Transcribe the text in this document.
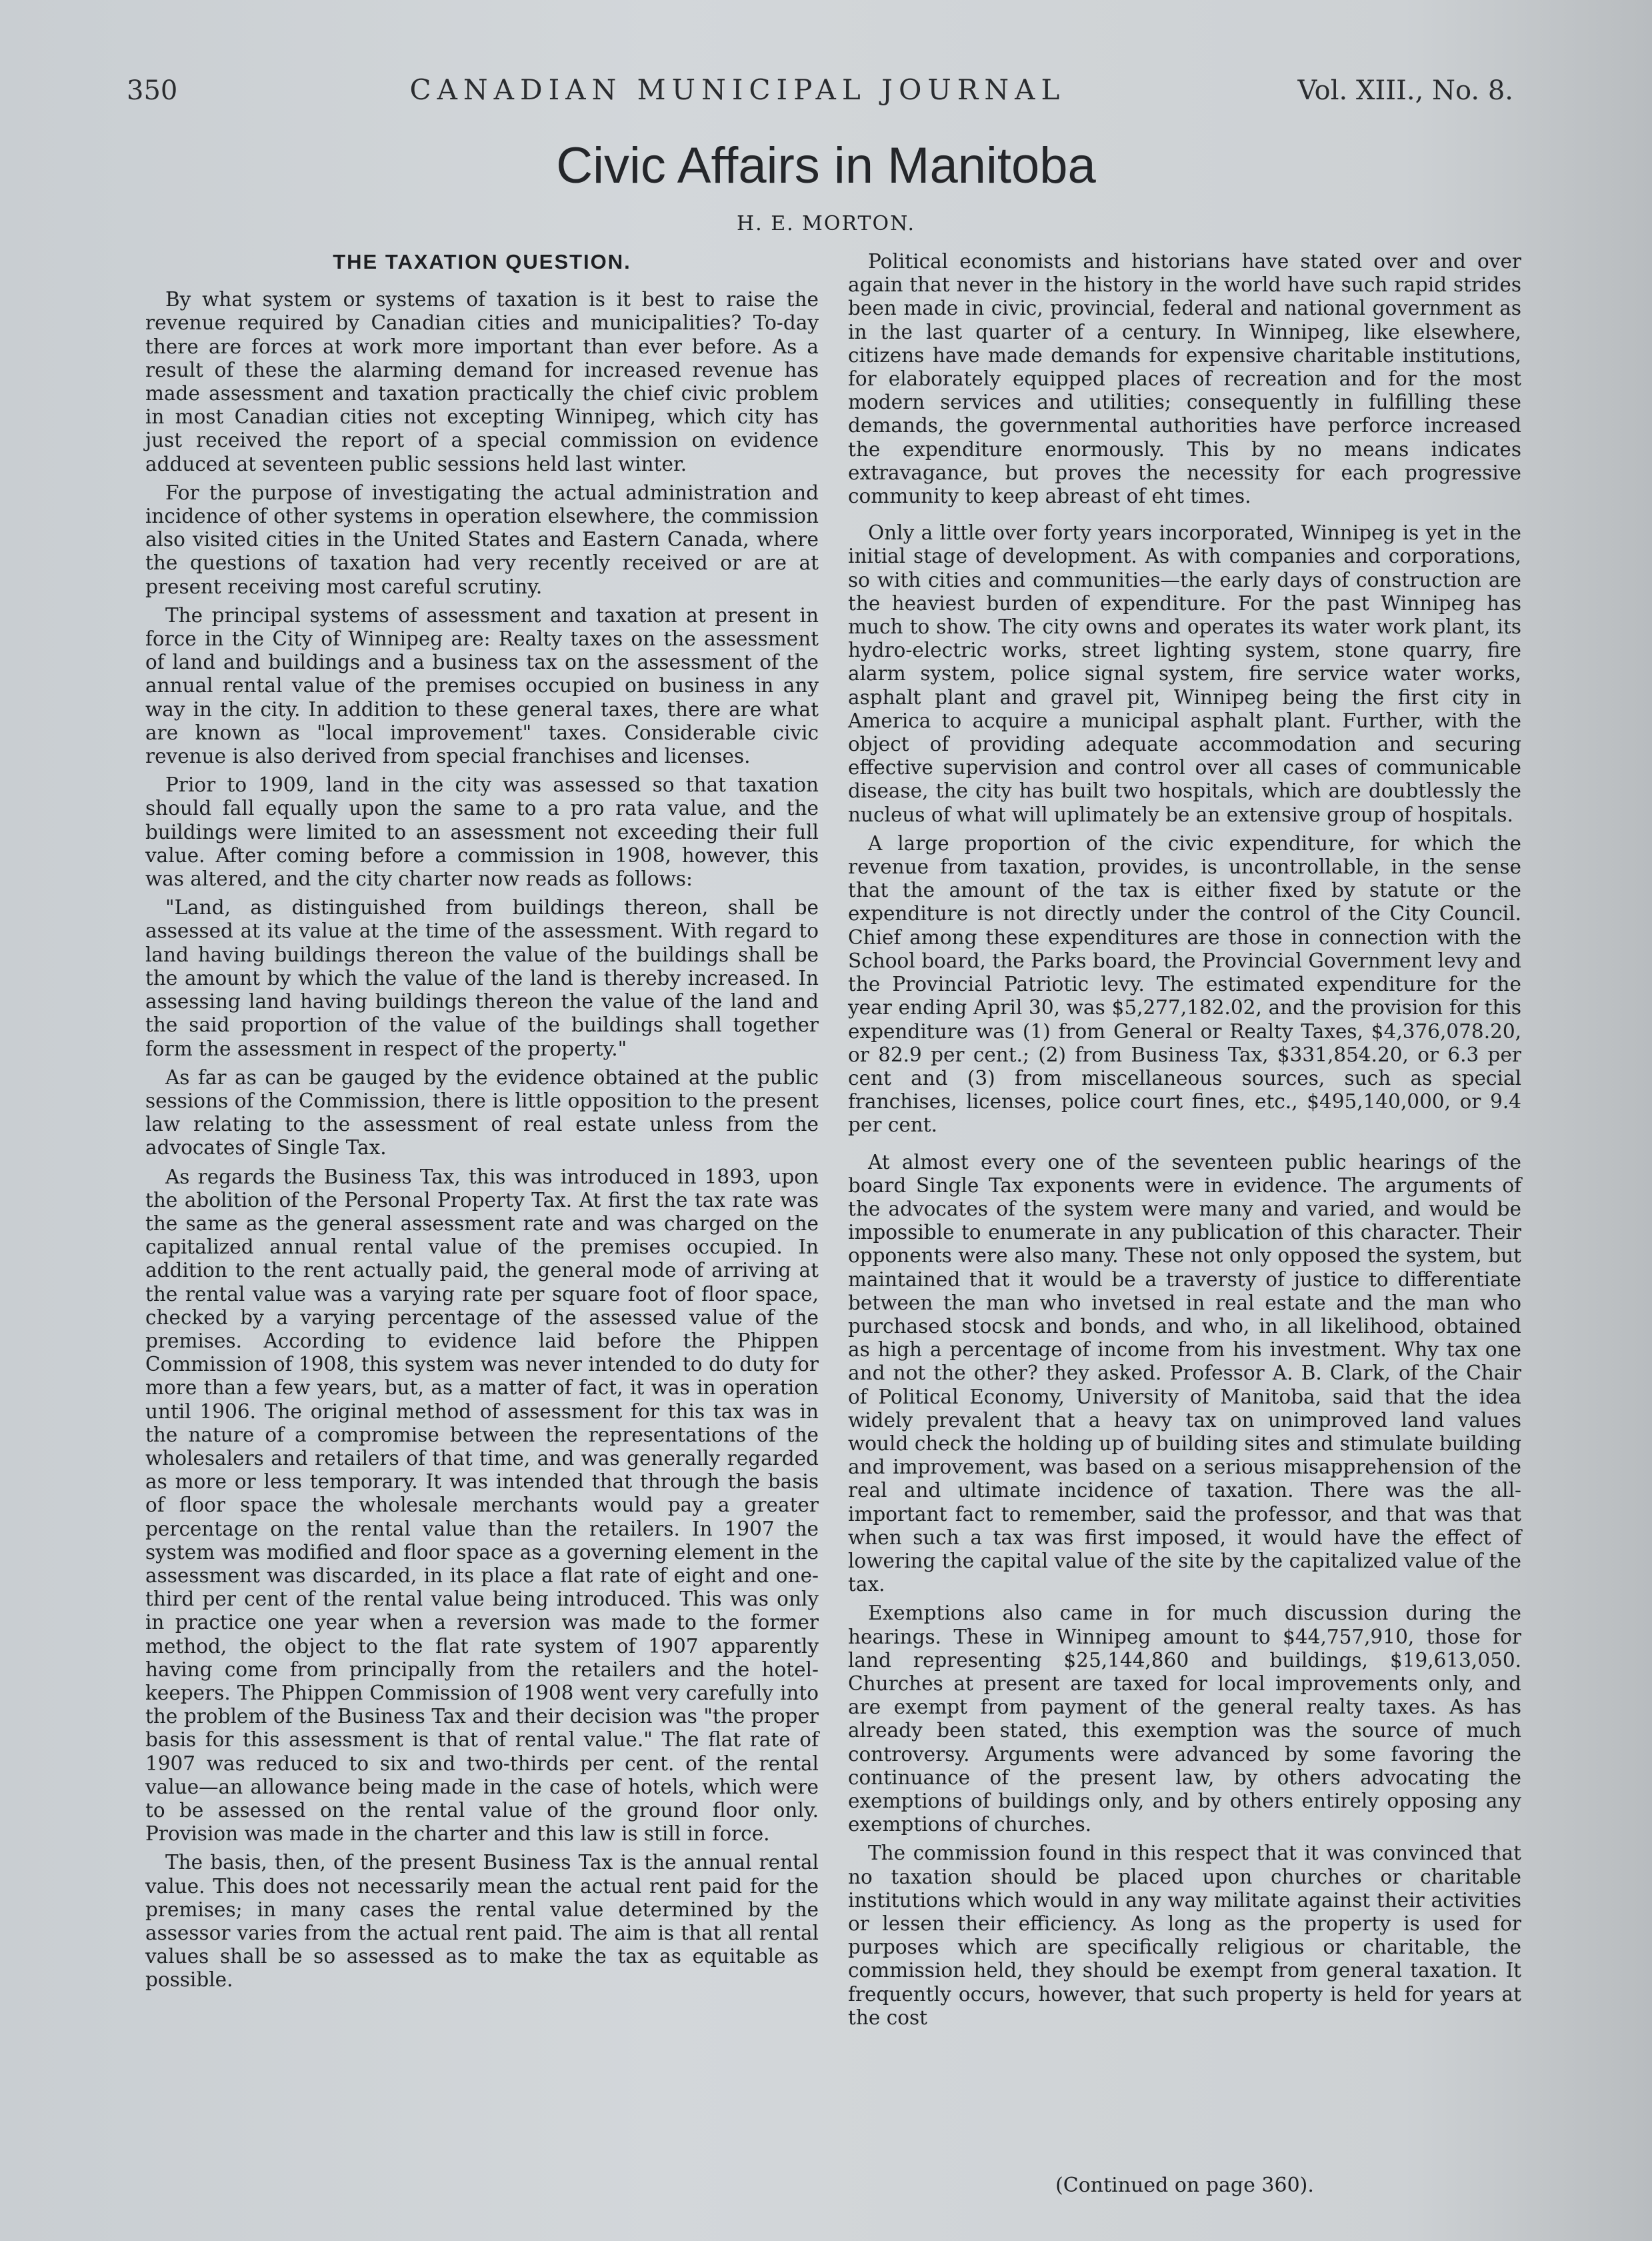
350	CANADIAN MUNICIPAL JOURNAL	Vol. XIII., No. 8.
Civic Affairs in Manitoba
H. E. MORTON.
THE TAXATION QUESTION.

By what system or systems of taxation is it best to raise the revenue required by Canadian cities and municipalities? To-day there are forces at work more important than ever before. As a result of these the alarming demand for increased revenue has made assessment and taxation practically the chief civic problem in most Canadian cities not excepting Winnipeg, which city has just received the report of a special commission on evidence adduced at seventeen public sessions held last winter.

For the purpose of investigating the actual administration and incidence of other systems in operation elsewhere, the commission also visited cities in the United States and Eastern Canada, where the questions of taxation had very recently received or are at present receiving most careful scrutiny.

The principal systems of assessment and taxation at present in force in the City of Winnipeg are: Realty taxes on the assessment of land and buildings and a business tax on the assessment of the annual rental value of the premises occupied on business in any way in the city. In addition to these general taxes, there are what are known as "local improvement" taxes. Considerable civic revenue is also derived from special franchises and licenses.

Prior to 1909, land in the city was assessed so that taxation should fall equally upon the same to a pro rata value, and the buildings were limited to an assessment not exceeding their full value. After coming before a commission in 1908, however, this was altered, and the city charter now reads as follows:

"Land, as distinguished from buildings thereon, shall be assessed at its value at the time of the assessment. With regard to land having buildings thereon the value of the buildings shall be the amount by which the value of the land is thereby increased. In assessing land having buildings thereon the value of the land and the said proportion of the value of the buildings shall together form the assessment in respect of the property."

As far as can be gauged by the evidence obtained at the public sessions of the Commission, there is little opposition to the present law relating to the assessment of real estate unless from the advocates of Single Tax.

As regards the Business Tax, this was introduced in 1893, upon the abolition of the Personal Property Tax. At first the tax rate was the same as the general assessment rate and was charged on the capitalized annual rental value of the premises occupied. In addition to the rent actually paid, the general mode of arriving at the rental value was a varying rate per square foot of floor space, checked by a varying percentage of the assessed value of the premises. According to evidence laid before the Phippen Commission of 1908, this system was never intended to do duty for more than a few years, but, as a matter of fact, it was in operation until 1906. The original method of assessment for this tax was in the nature of a compromise between the representations of the wholesalers and retailers of that time, and was generally regarded as more or less temporary. It was intended that through the basis of floor space the wholesale merchants would pay a greater percentage on the rental value than the retailers. In 1907 the system was modified and floor space as a governing element in the assessment was discarded, in its place a flat rate of eight and one-third per cent of the rental value being introduced. This was only in practice one year when a reversion was made to the former method, the object to the flat rate system of 1907 apparently having come from principally from the retailers and the hotel-keepers. The Phippen Commission of 1908 went very carefully into the problem of the Business Tax and their decision was "the proper basis for this assessment is that of rental value." The flat rate of 1907 was reduced to six and two-thirds per cent. of the rental value—an allowance being made in the case of hotels, which were to be assessed on the rental value of the ground floor only. Provision was made in the charter and this law is still in force.

The basis, then, of the present Business Tax is the annual rental value. This does not necessarily mean the actual rent paid for the premises; in many cases the rental value determined by the assessor varies from the actual rent paid. The aim is that all rental values shall be so assessed as to make the tax as equitable as possible.

Political economists and historians have stated over and over again that never in the history in the world have such rapid strides been made in civic, provincial, federal and national government as in the last quarter of a century. In Winnipeg, like elsewhere, citizens have made demands for expensive charitable institutions, for elaborately equipped places of recreation and for the most modern services and utilities; consequently in fulfilling these demands, the governmental authorities have perforce increased the expenditure enormously. This by no means indicates extravagance, but proves the necessity for each progressive community to keep abreast of eht times.

Only a little over forty years incorporated, Winnipeg is yet in the initial stage of development. As with companies and corporations, so with cities and communities—the early days of construction are the heaviest burden of expenditure. For the past Winnipeg has much to show. The city owns and operates its water work plant, its hydro-electric works, street lighting system, stone quarry, fire alarm system, police signal system, fire service water works, asphalt plant and gravel pit, Winnipeg being the first city in America to acquire a municipal asphalt plant. Further, with the object of providing adequate accommodation and securing effective supervision and control over all cases of communicable disease, the city has built two hospitals, which are doubtlessly the nucleus of what will uplimately be an extensive group of hospitals.

A large proportion of the civic expenditure, for which the revenue from taxation, provides, is uncontrollable, in the sense that the amount of the tax is either fixed by statute or the expenditure is not directly under the control of the City Council. Chief among these expenditures are those in connection with the School board, the Parks board, the Provincial Government levy and the Provincial Patriotic levy. The estimated expenditure for the year ending April 30, was $5,277,182.02, and the provision for this expenditure was (1) from General or Realty Taxes, $4,376,078.20, or 82.9 per cent.; (2) from Business Tax, $331,854.20, or 6.3 per cent and (3) from miscellaneous sources, such as special franchises, licenses, police court fines, etc., $495,140,000, or 9.4 per cent.

At almost every one of the seventeen public hearings of the board Single Tax exponents were in evidence. The arguments of the advocates of the system were many and varied, and would be impossible to enumerate in any publication of this character. Their opponents were also many. These not only opposed the system, but maintained that it would be a traversty of justice to differentiate between the man who invetsed in real estate and the man who purchased stocsk and bonds, and who, in all likelihood, obtained as high a percentage of income from his investment. Why tax one and not the other? they asked. Professor A. B. Clark, of the Chair of Political Economy, University of Manitoba, said that the idea widely prevalent that a heavy tax on unimproved land values would check the holding up of building sites and stimulate building and improvement, was based on a serious misapprehension of the real and ultimate incidence of taxation. There was the all-important fact to remember, said the professor, and that was that when such a tax was first imposed, it would have the effect of lowering the capital value of the site by the capitalized value of the tax.

Exemptions also came in for much discussion during the hearings. These in Winnipeg amount to $44,757,910, those for land representing $25,144,860 and buildings, $19,613,050. Churches at present are taxed for local improvements only, and are exempt from payment of the general realty taxes. As has already been stated, this exemption was the source of much controversy. Arguments were advanced by some favoring the continuance of the present law, by others advocating the exemptions of buildings only, and by others entirely opposing any exemptions of churches.

The commission found in this respect that it was convinced that no taxation should be placed upon churches or charitable institutions which would in any way militate against their activities or lessen their efficiency. As long as the property is used for purposes which are specifically religious or charitable, the commission held, they should be exempt from general taxation. It frequently occurs, however, that such property is held for years at the cost

(Continued on page 360).
